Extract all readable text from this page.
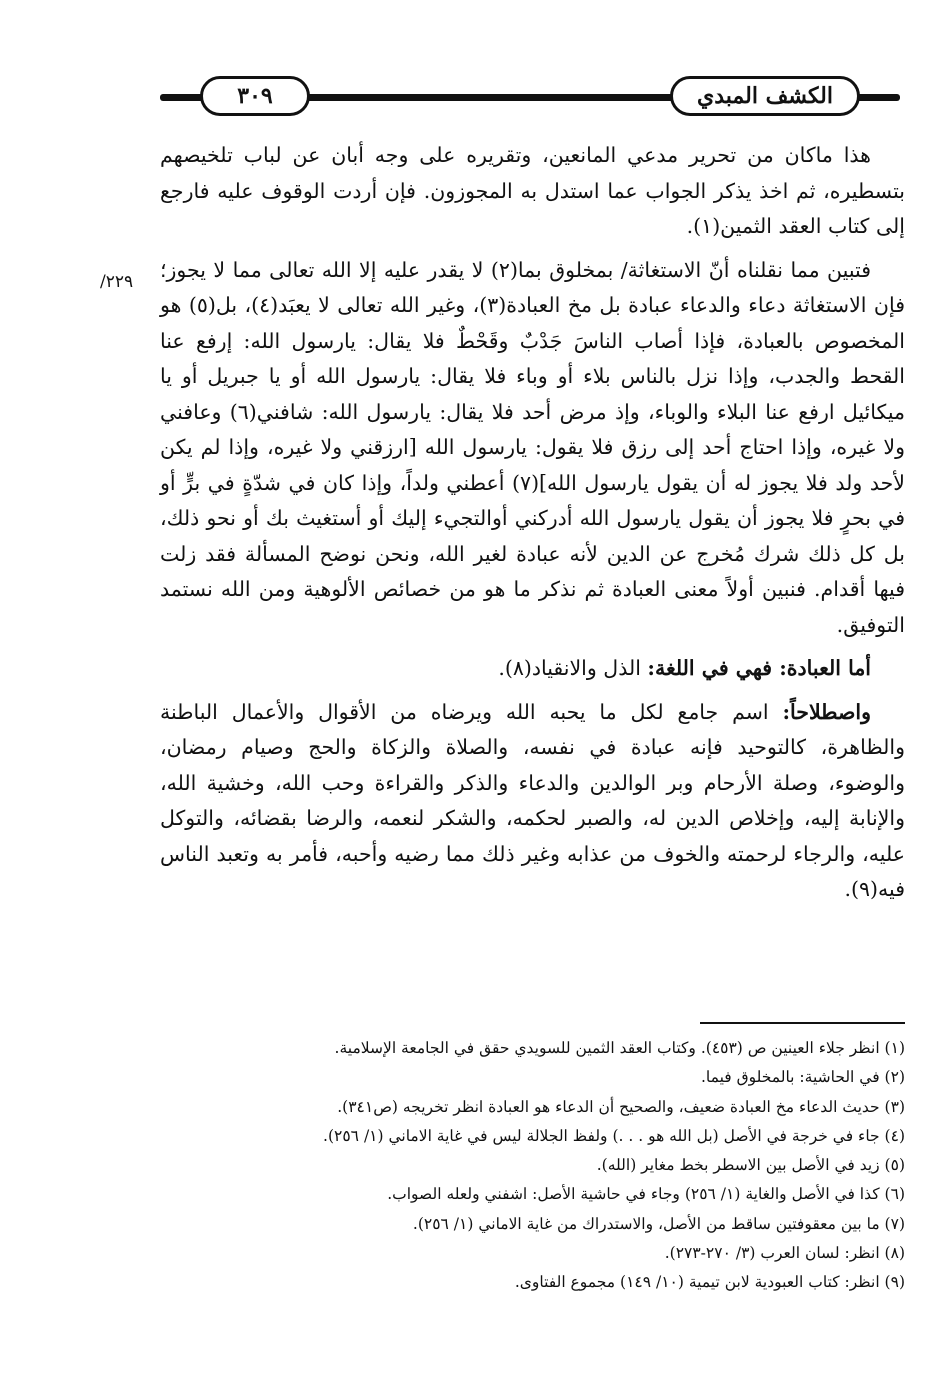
الكشف المبدي
٣٠٩
٢٢٩/

هذا ماكان من تحرير مدعي المانعين، وتقريره على وجه أبان عن لباب تلخيصهم بتسطيره، ثم اخذ يذكر الجواب عما استدل به المجوزون. فإن أردت الوقوف عليه فارجع إلى كتاب العقد الثمين(١).

فتبين مما نقلناه أنّ الاستغاثة/ بمخلوق بما(٢) لا يقدر عليه إلا الله تعالى مما لا يجوز؛ فإن الاستغاثة دعاء والدعاء عبادة بل مخ العبادة(٣)، وغير الله تعالى لا يعبَد(٤)، بل(٥) هو المخصوص بالعبادة، فإذا أصاب الناسَ جَدْبٌ وقَحْطٌ فلا يقال: يارسول الله: إرفع عنا القحط والجدب، وإذا نزل بالناس بلاء أو وباء فلا يقال: يارسول الله أو يا جبريل أو يا ميكائيل ارفع عنا البلاء والوباء، وإذ مرض أحد فلا يقال: يارسول الله: شافني(٦) وعافني ولا غيره، وإذا احتاج أحد إلى رزق فلا يقول: يارسول الله [ارزقني ولا غيره، وإذا لم يكن لأحد ولد فلا يجوز له أن يقول يارسول الله](٧) أعطني ولداً، وإذا كان في شدّةٍ في برٍّ أو في بحرٍ فلا يجوز أن يقول يارسول الله أدركني أوالتجيء إليك أو أستغيث بك أو نحو ذلك، بل كل ذلك شرك مُخرج عن الدين لأنه عبادة لغير الله، ونحن نوضح المسألة فقد زلت فيها أقدام. فنبين أولاً معنى العبادة ثم نذكر ما هو من خصائص الألوهية ومن الله نستمد التوفيق.

أما العبادة: فهي في اللغة: الذل والانقياد(٨).

واصطلاحاً: اسم جامع لكل ما يحبه الله ويرضاه من الأقوال والأعمال الباطنة والظاهرة، كالتوحيد فإنه عبادة في نفسه، والصلاة والزكاة والحج وصيام رمضان، والوضوء، وصلة الأرحام وبر الوالدين والدعاء والذكر والقراءة وحب الله، وخشية الله، والإنابة إليه، وإخلاص الدين له، والصبر لحكمه، والشكر لنعمه، والرضا بقضائه، والتوكل عليه، والرجاء لرحمته والخوف من عذابه وغير ذلك مما رضيه وأحبه، فأمر به وتعبد الناس فيه(٩).

(١) انظر جلاء العينين ص (٤٥٣). وكتاب العقد الثمين للسويدي حقق في الجامعة الإسلامية.

(٢) في الحاشية: بالمخلوق فيما.

(٣) حديث الدعاء مخ العبادة ضعيف، والصحيح أن الدعاء هو العبادة انظر تخريجه (ص٣٤١).

(٤) جاء في خرجة في الأصل (بل الله هو . . .) ولفظ الجلالة ليس في غاية الاماني (١/ ٢٥٦).

(٥) زيد في الأصل بين الاسطر بخط مغاير (الله).

(٦) كذا في الأصل والغاية (١/ ٢٥٦) وجاء في حاشية الأصل: اشفني ولعله الصواب.

(٧) ما بين معقوفتين ساقط من الأصل، والاستدراك من غاية الاماني (١/ ٢٥٦).

(٨) انظر: لسان العرب (٣/ ٢٧٠-٢٧٣).

(٩) انظر: كتاب العبودية لابن تيمية (١٠/ ١٤٩) مجموع الفتاوى.
